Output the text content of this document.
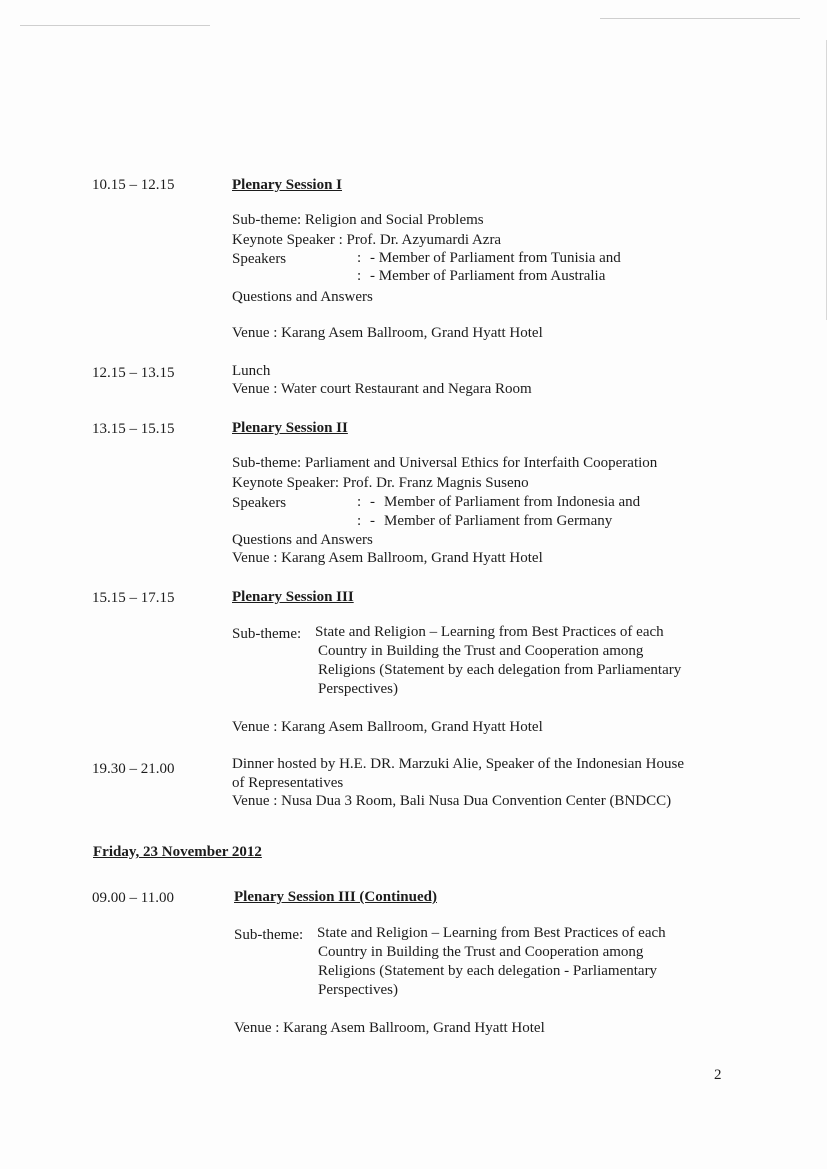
10.15 – 12.15	Plenary Session I
Sub-theme: Religion and Social Problems
Keynote Speaker : Prof. Dr. Azyumardi Azra
Speakers	: - Member of Parliament from Tunisia and
: - Member of Parliament from Australia
Questions and Answers
Venue : Karang Asem Ballroom, Grand Hyatt Hotel
12.15 – 13.15	Lunch
Venue : Water court Restaurant and Negara Room
13.15 – 15.15	Plenary Session II
Sub-theme: Parliament and Universal Ethics for Interfaith Cooperation
Keynote Speaker: Prof. Dr. Franz Magnis Suseno
Speakers	: - Member of Parliament from Indonesia and
: - Member of Parliament from Germany
Questions and Answers
Venue : Karang Asem Ballroom, Grand Hyatt Hotel
15.15 – 17.15	Plenary Session III
Sub-theme: State and Religion – Learning from Best Practices of each
Country in Building the Trust and Cooperation among
Religions (Statement by each delegation from Parliamentary
Perspectives)
Venue : Karang Asem Ballroom, Grand Hyatt Hotel
19.30 – 21.00	Dinner hosted by H.E. DR. Marzuki Alie, Speaker of the Indonesian House
of Representatives
Venue : Nusa Dua 3 Room, Bali Nusa Dua Convention Center (BNDCC)
Friday, 23 November 2012
09.00 – 11.00	Plenary Session III (Continued)
Sub-theme: State and Religion – Learning from Best Practices of each
Country in Building the Trust and Cooperation among
Religions (Statement by each delegation - Parliamentary
Perspectives)
Venue : Karang Asem Ballroom, Grand Hyatt Hotel
2
